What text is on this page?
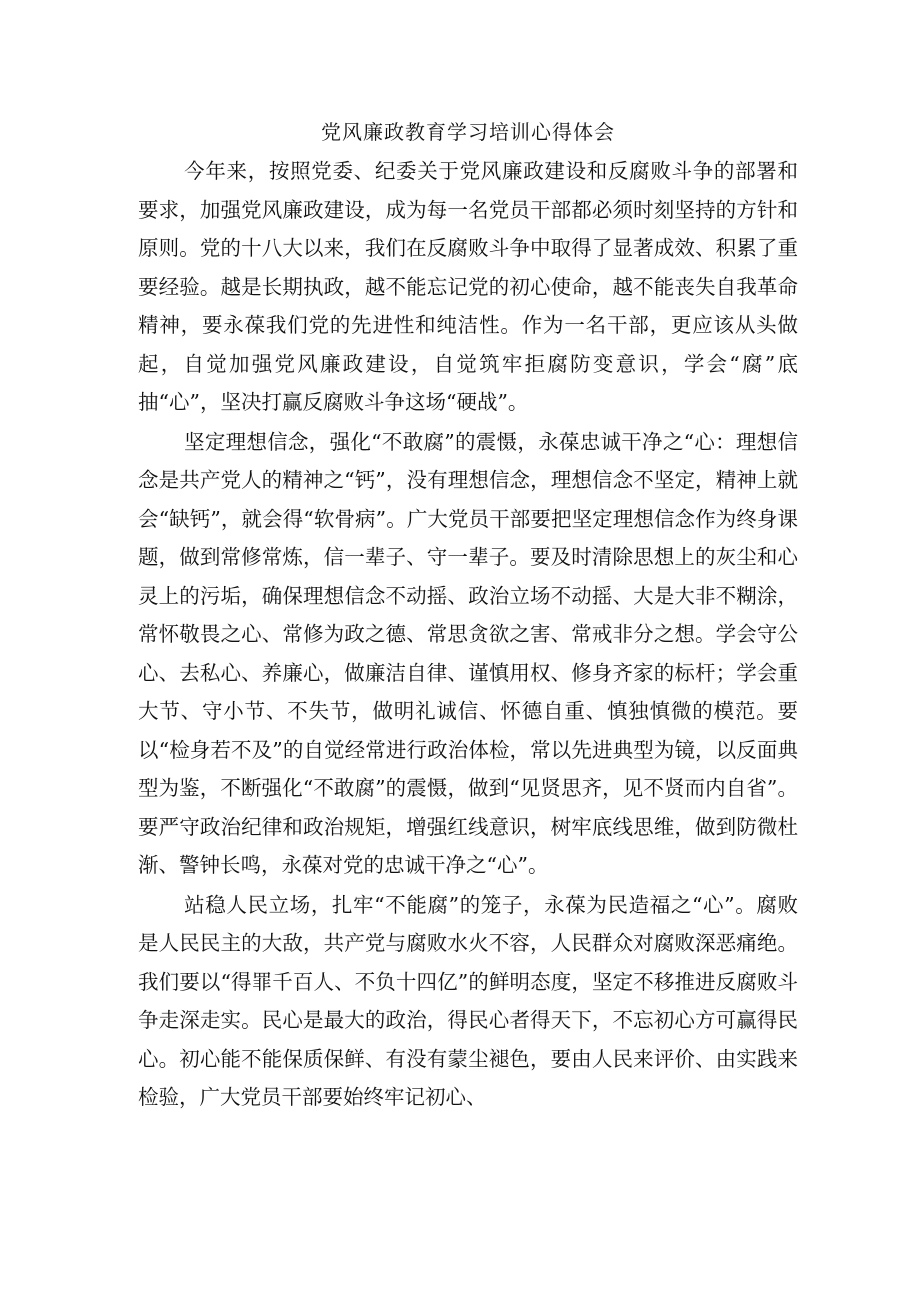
党风廉政教育学习培训心得体会

今年来，按照党委、纪委关于党风廉政建设和反腐败斗争的部署和要求，加强党风廉政建设，成为每一名党员干部都必须时刻坚持的方针和原则。党的十八大以来，我们在反腐败斗争中取得了显著成效、积累了重要经验。越是长期执政，越不能忘记党的初心使命，越不能丧失自我革命精神，要永葆我们党的先进性和纯洁性。作为一名干部，更应该从头做起，自觉加强党风廉政建设，自觉筑牢拒腐防变意识，学会“腐”底抽“心”，坚决打赢反腐败斗争这场“硬战”。

坚定理想信念，强化“不敢腐”的震慑，永葆忠诚干净之“心：理想信念是共产党人的精神之“钙”，没有理想信念，理想信念不坚定，精神上就会“缺钙”，就会得“软骨病”。广大党员干部要把坚定理想信念作为终身课题，做到常修常炼，信一辈子、守一辈子。要及时清除思想上的灰尘和心灵上的污垢，确保理想信念不动摇、政治立场不动摇、大是大非不糊涂，常怀敬畏之心、常修为政之德、常思贪欲之害、常戒非分之想。学会守公心、去私心、养廉心，做廉洁自律、谨慎用权、修身齐家的标杆；学会重大节、守小节、不失节，做明礼诚信、怀德自重、慎独慎微的模范。要以“检身若不及”的自觉经常进行政治体检，常以先进典型为镜，以反面典型为鉴，不断强化“不敢腐”的震慑，做到“见贤思齐，见不贤而内自省”。要严守政治纪律和政治规矩，增强红线意识，树牢底线思维，做到防微杜渐、警钟长鸣，永葆对党的忠诚干净之“心”。

站稳人民立场，扎牢“不能腐”的笼子，永葆为民造福之“心”。腐败是人民民主的大敌，共产党与腐败水火不容，人民群众对腐败深恶痛绝。我们要以“得罪千百人、不负十四亿”的鲜明态度，坚定不移推进反腐败斗争走深走实。民心是最大的政治，得民心者得天下，不忘初心方可赢得民心。初心能不能保质保鲜、有没有蒙尘褪色，要由人民来评价、由实践来检验，广大党员干部要始终牢记初心、
